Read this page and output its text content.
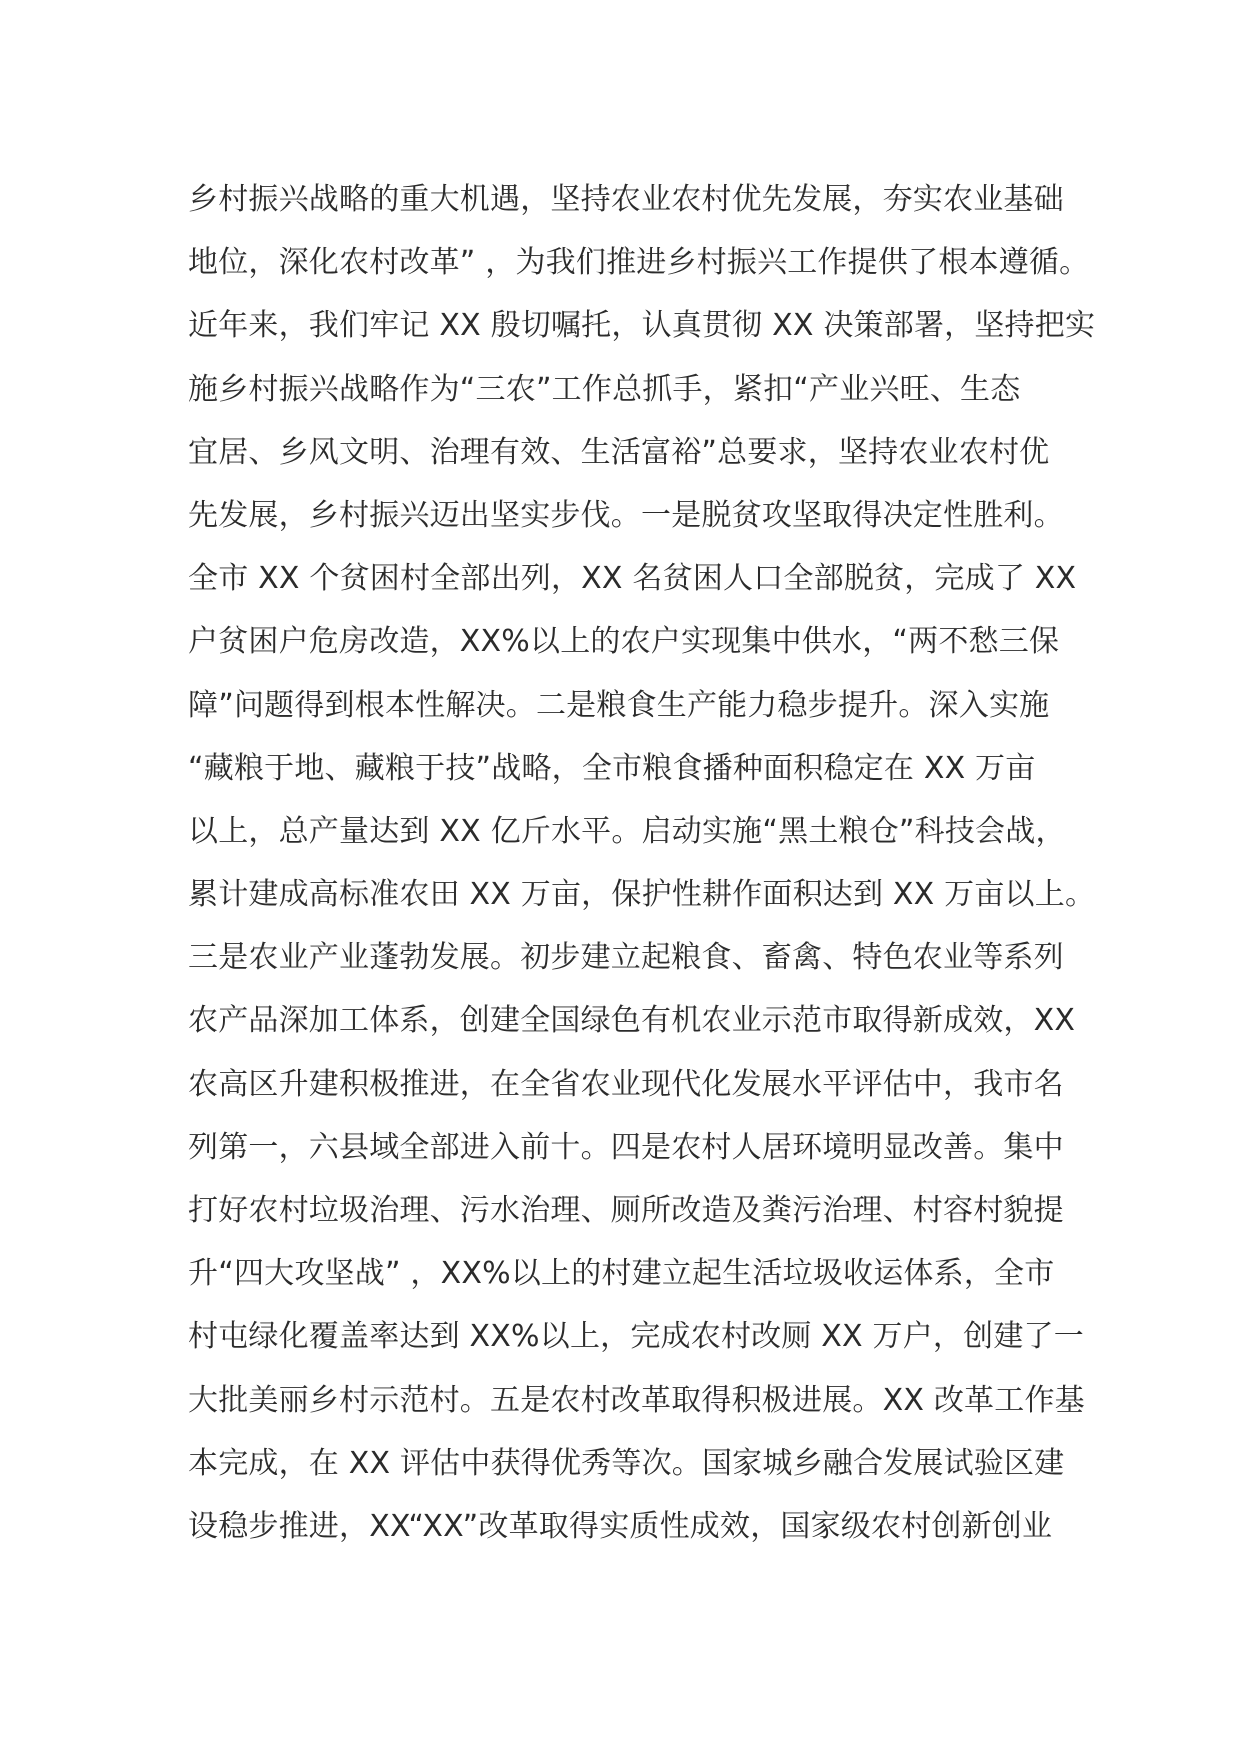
乡村振兴战略的重大机遇，坚持农业农村优先发展，夯实农业基础
地位，深化农村改革” ，为我们推进乡村振兴工作提供了根本遵循。
近年来，我们牢记 XX 殷切嘱托，认真贯彻 XX 决策部署，坚持把实
施乡村振兴战略作为“三农”工作总抓手，紧扣“产业兴旺、生态
宜居、乡风文明、治理有效、生活富裕”总要求，坚持农业农村优
先发展，乡村振兴迈出坚实步伐。一是脱贫攻坚取得决定性胜利。
全市 XX 个贫困村全部出列，XX 名贫困人口全部脱贫，完成了 XX
户贫困户危房改造，XX%以上的农户实现集中供水，“两不愁三保
障”问题得到根本性解决。二是粮食生产能力稳步提升。深入实施
“藏粮于地、藏粮于技”战略，全市粮食播种面积稳定在 XX 万亩
以上，总产量达到 XX 亿斤水平。启动实施“黑土粮仓”科技会战，
累计建成高标准农田 XX 万亩，保护性耕作面积达到 XX 万亩以上。
三是农业产业蓬勃发展。初步建立起粮食、畜禽、特色农业等系列
农产品深加工体系，创建全国绿色有机农业示范市取得新成效，XX
农高区升建积极推进，在全省农业现代化发展水平评估中，我市名
列第一，六县域全部进入前十。四是农村人居环境明显改善。集中
打好农村垃圾治理、污水治理、厕所改造及粪污治理、村容村貌提
升“四大攻坚战” ，XX%以上的村建立起生活垃圾收运体系，全市
村屯绿化覆盖率达到 XX%以上，完成农村改厕 XX 万户，创建了一
大批美丽乡村示范村。五是农村改革取得积极进展。XX 改革工作基
本完成，在 XX 评估中获得优秀等次。国家城乡融合发展试验区建
设稳步推进，XX“XX”改革取得实质性成效，国家级农村创新创业
